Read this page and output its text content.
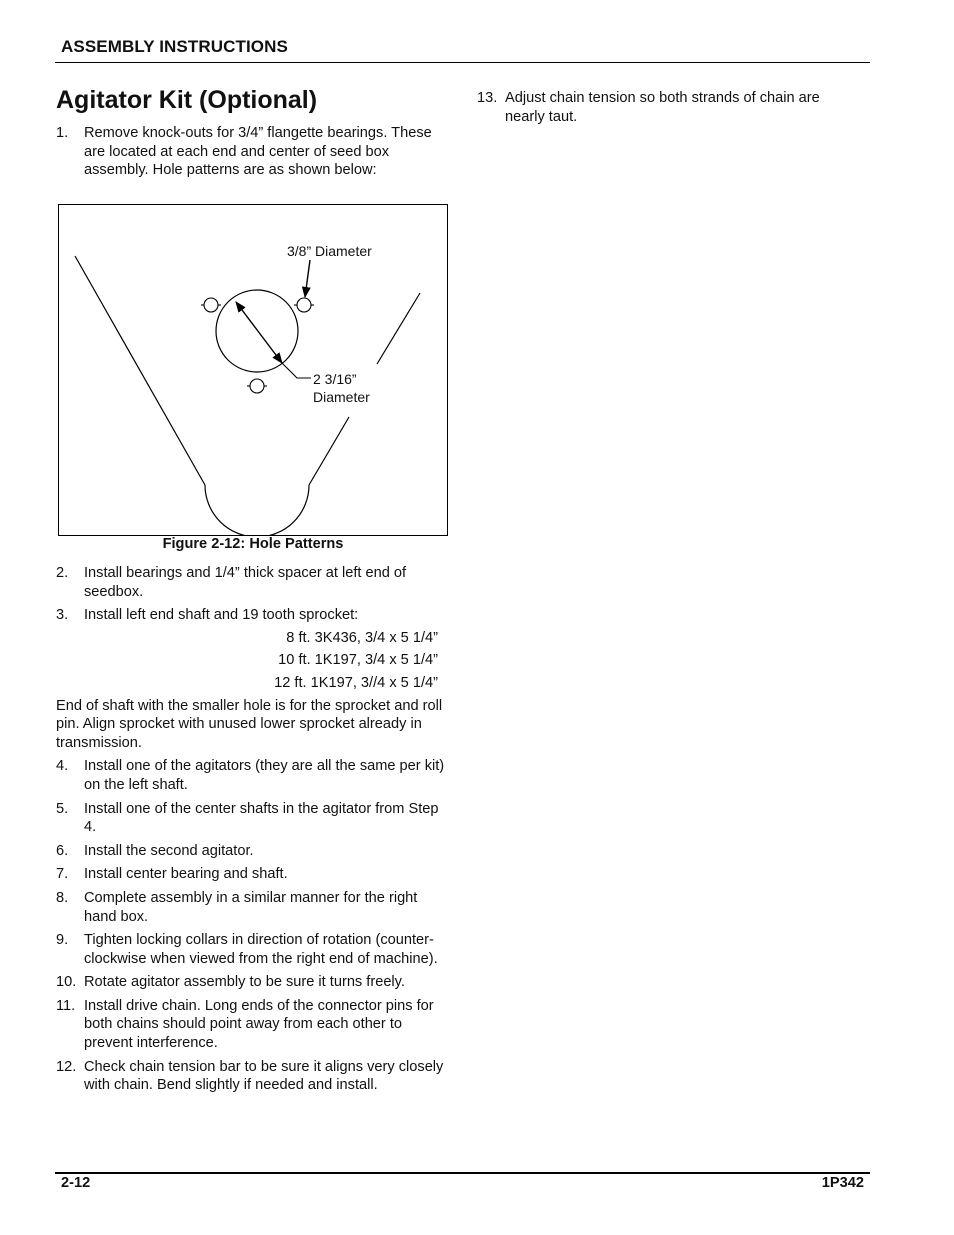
ASSEMBLY INSTRUCTIONS
Agitator Kit (Optional)
1.	Remove knock-outs for 3/4” flangette bearings. These are located at each end and center of seed box assembly. Hole patterns are as shown below:
3/8” Diameter
2 3/16”
Diameter
Figure 2-12: Hole Patterns
2.	Install bearings and 1/4” thick spacer at left end of seedbox.
3.	Install left end shaft and 19 tooth sprocket:
8 ft. 3K436, 3/4 x 5 1/4”
10 ft. 1K197, 3/4 x 5 1/4”
12 ft. 1K197, 3//4 x 5 1/4”

End of shaft with the smaller hole is for the sprocket and roll pin. Align sprocket with unused lower sprocket already in transmission.

4.	Install one of the agitators (they are all the same per kit) on the left shaft.
5.	Install one of the center shafts in the agitator from Step 4.
6.	Install the second agitator.
7.	Install center bearing and shaft.
8.	Complete assembly in a similar manner for the right hand box.
9.	Tighten locking collars in direction of rotation (counter-clockwise when viewed from the right end of machine).
10. Rotate agitator assembly to be sure it turns freely.
11. Install drive chain. Long ends of the connector pins for both chains should point away from each other to prevent interference.
12. Check chain tension bar to be sure it aligns very closely with chain. Bend slightly if needed and install.
13. Adjust chain tension so both strands of chain are nearly taut.
2-12	1P342
